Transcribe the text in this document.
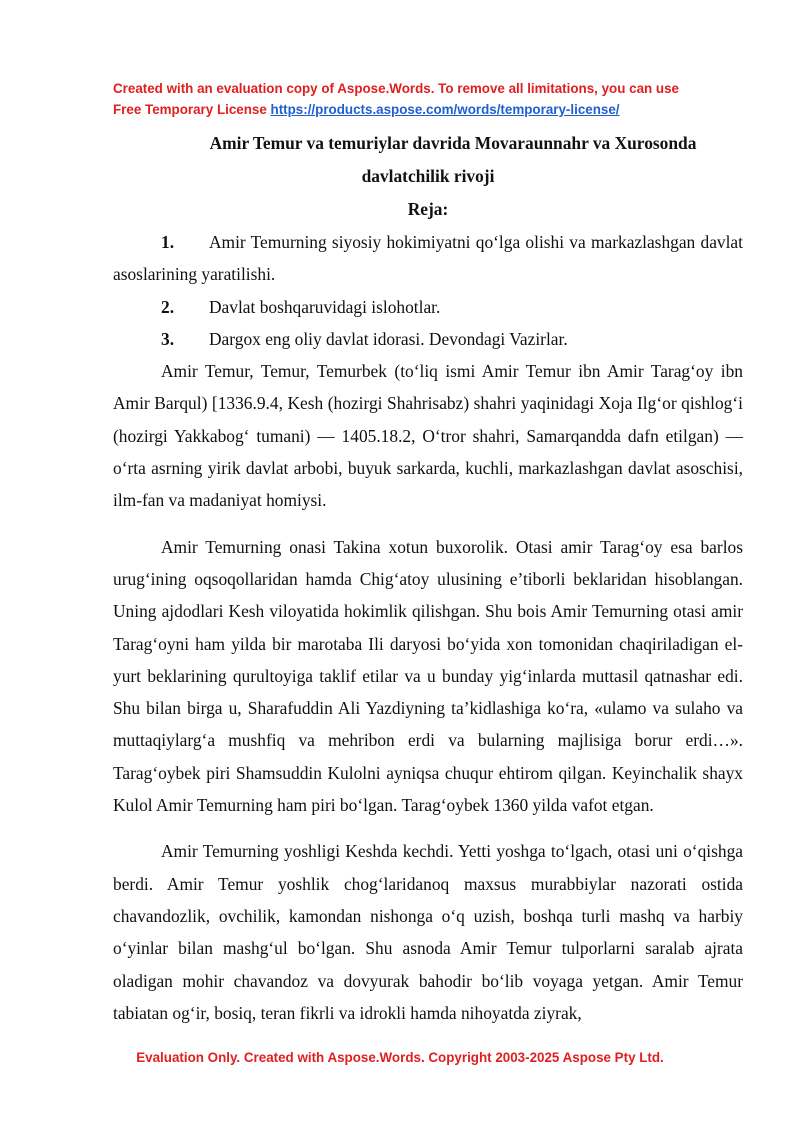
Created with an evaluation copy of Aspose.Words. To remove all limitations, you can use
Free Temporary License https://products.aspose.com/words/temporary-license/
Amir Temur va temuriylar davrida Movaraunnahr va Xurosonda
davlatchilik rivoji
Reja:
1. Amir Temurning siyosiy hokimiyatni qo‘lga olishi va markazlashgan davlat asoslarining yaratilishi.
2. Davlat boshqaruvidagi islohotlar.
3. Dargox eng oliy davlat idorasi. Devondagi Vazirlar.

Amir Temur, Temur, Temurbek (to‘liq ismi Amir Temur ibn Amir Tarag‘oy ibn Amir Barqul) [1336.9.4, Kesh (hozirgi Shahrisabz) shahri yaqinidagi Xoja Ilg‘or qishlog‘i (hozirgi Yakkabog‘ tumani) — 1405.18.2, O‘tror shahri, Samarqandda dafn etilgan) — o‘rta asrning yirik davlat arbobi, buyuk sarkarda, kuchli, markazlashgan davlat asoschisi, ilm-fan va madaniyat homiysi.

Amir Temurning onasi Takina xotun buxorolik. Otasi amir Tarag‘oy esa barlos urug‘ining oqsoqollaridan hamda Chig‘atoy ulusining e’tiborli beklaridan hisoblangan. Uning ajdodlari Kesh viloyatida hokimlik qilishgan. Shu bois Amir Temurning otasi amir Tarag‘oyni ham yilda bir marotaba Ili daryosi bo‘yida xon tomonidan chaqiriladigan el-yurt beklarining qurultoyiga taklif etilar va u bunday yig‘inlarda muttasil qatnashar edi. Shu bilan birga u, Sharafuddin Ali Yazdiyning ta’kidlashiga ko‘ra, «ulamo va sulaho va muttaqiylarg‘a mushfiq va mehribon erdi va bularning majlisiga borur erdi…». Tarag‘oybek piri Shamsuddin Kulolni ayniqsa chuqur ehtirom qilgan. Keyinchalik shayx Kulol Amir Temurning ham piri bo‘lgan. Tarag‘oybek 1360 yilda vafot etgan.

Amir Temurning yoshligi Keshda kechdi. Yetti yoshga to‘lgach, otasi uni o‘qishga berdi. Amir Temur yoshlik chog‘laridanoq maxsus murabbiylar nazorati ostida chavandozlik, ovchilik, kamondan nishonga o‘q uzish, boshqa turli mashq va harbiy o‘yinlar bilan mashg‘ul bo‘lgan. Shu asnoda Amir Temur tulporlarni saralab ajrata oladigan mohir chavandoz va dovyurak bahodir bo‘lib voyaga yetgan. Amir Temur tabiatan og‘ir, bosiq, teran fikrli va idrokli hamda nihoyatda ziyrak,

Evaluation Only. Created with Aspose.Words. Copyright 2003-2025 Aspose Pty Ltd.
